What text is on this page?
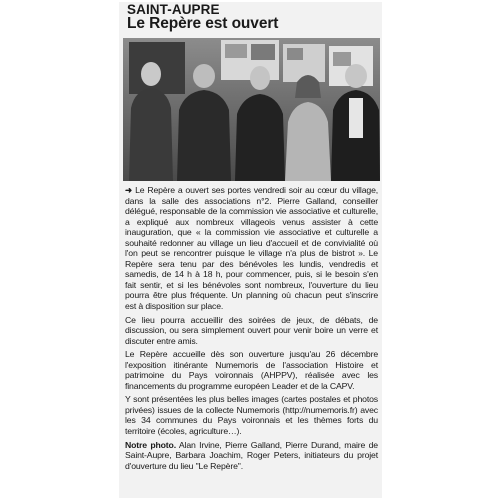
SAINT-AUPRE
Le Repère est ouvert

➜ Le Repère a ouvert ses portes vendredi soir au cœur du village, dans la salle des associations n°2. Pierre Galland, conseiller délégué, responsable de la commission vie associative et culturelle, a expliqué aux nombreux villageois venus assister à cette inauguration, que « la commission vie associative et culturelle a souhaité redonner au village un lieu d'accueil et de convivialité où l'on peut se rencontrer puisque le village n'a plus de bistrot ». Le Repère sera tenu par des bénévoles les lundis, vendredis et samedis, de 14 h à 18 h, pour commencer, puis, si le besoin s'en fait sentir, et si les bénévoles sont nombreux, l'ouverture du lieu pourra être plus fréquente. Un planning où chacun peut s'inscrire est à disposition sur place.

Ce lieu pourra accueillir des soirées de jeux, de débats, de discussion, ou sera simplement ouvert pour venir boire un verre et discuter entre amis.

Le Repère accueille dès son ouverture jusqu'au 26 décembre l'exposition itinérante Numemoris de l'association Histoire et patrimoine du Pays voironnais (AHPPV), réalisée avec les financements du programme européen Leader et de la CAPV.

Y sont présentées les plus belles images (cartes postales et photos privées) issues de la collecte Numemoris (http://numemoris.fr) avec les 34 communes du Pays voironnais et les thèmes forts du territoire (écoles, agriculture…).

Notre photo. Alan Irvine, Pierre Galland, Pierre Durand, maire de Saint-Aupre, Barbara Joachim, Roger Peters, initiateurs du projet d'ouverture du lieu "Le Repère".
